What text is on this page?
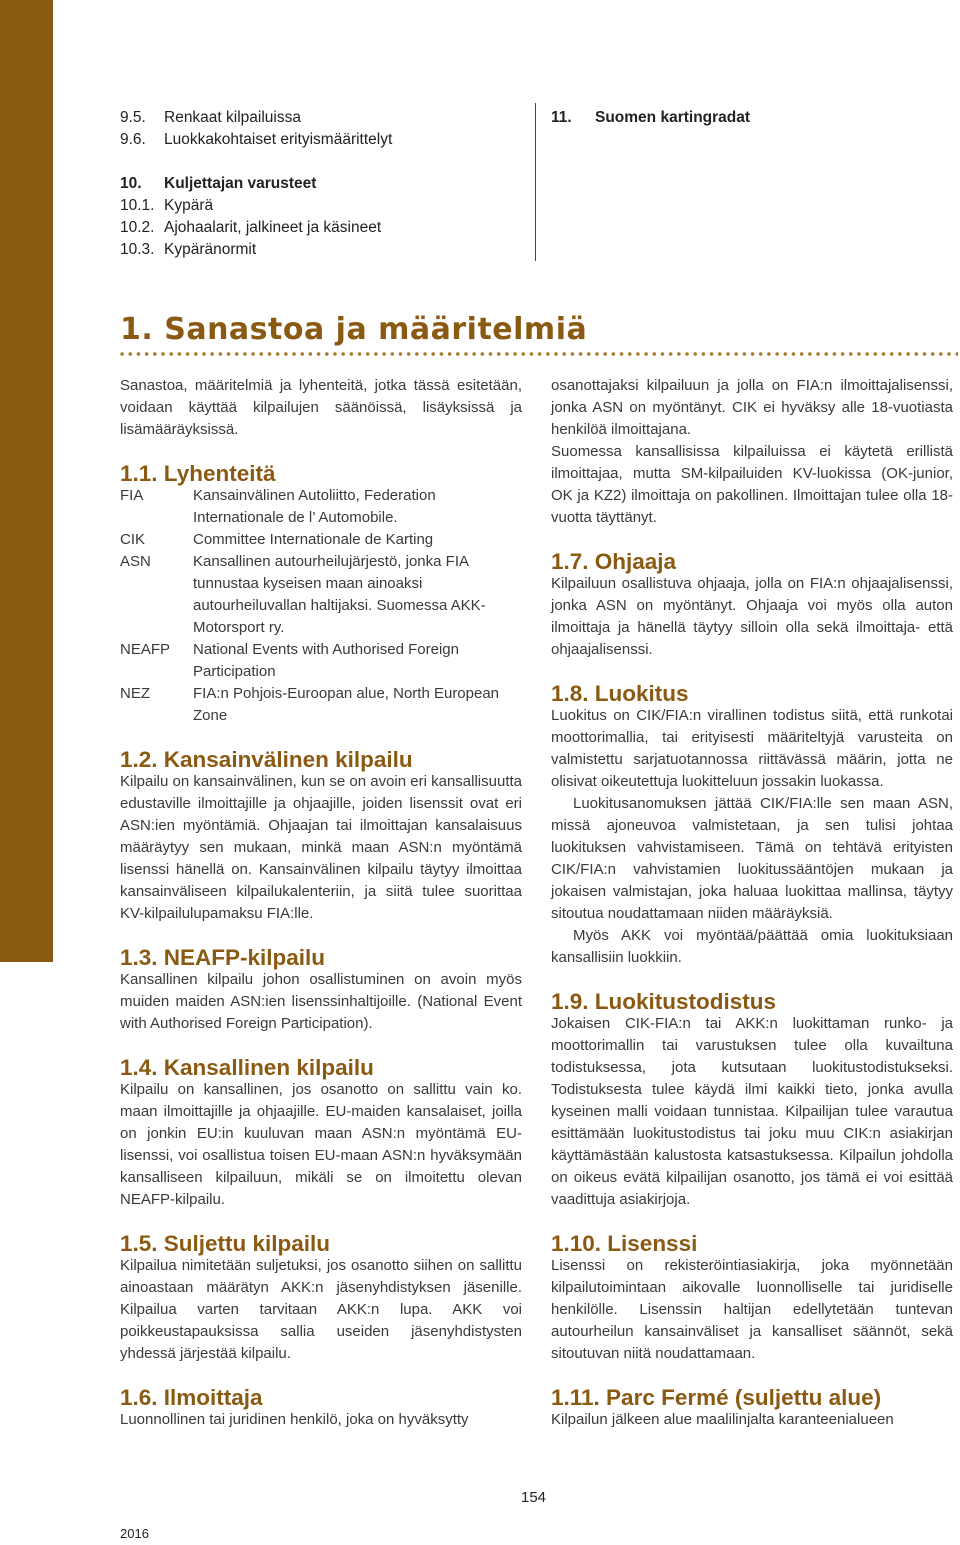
9.5. Renkaat kilpailuissa
9.6. Luokkakohtaiset erityismäärittelyt
10. Kuljettajan varusteet
10.1. Kypärä
10.2. Ajohaalarit, jalkineet ja käsineet
10.3. Kypäränormit
11. Suomen kartingradat
1. Sanastoa ja määritelmiä

Sanastoa, määritelmiä ja lyhenteitä, jotka tässä esitetään, voidaan käyttää kilpailujen säänöissä, lisäyksissä ja lisämääräyksissä.

1.1. Lyhenteitä
FIA	Kansainvälinen Autoliitto, Federation Internationale de l’ Automobile.
CIK	Committee Internationale de Karting
ASN	Kansallinen autourheilujärjestö, jonka FIA tunnustaa kyseisen maan ainoaksi autourheiluvallan haltijaksi. Suomessa AKK-Motorsport ry.
NEAFP	National Events with Authorised Foreign Participation
NEZ	FIA:n Pohjois-Euroopan alue, North European Zone
1.2. Kansainvälinen kilpailu

Kilpailu on kansainvälinen, kun se on avoin eri kansallisuutta edustaville ilmoittajille ja ohjaajille, joiden lisenssit ovat eri ASN:ien myöntämiä. Ohjaajan tai ilmoittajan kansalaisuus määräytyy sen mukaan, minkä maan ASN:n myöntämä lisenssi hänellä on. Kansainvälinen kilpailu täytyy ilmoittaa kansainväliseen kilpailukalenteriin, ja siitä tulee suorittaa KV-kilpailulupamaksu FIA:lle.

1.3. NEAFP-kilpailu

Kansallinen kilpailu johon osallistuminen on avoin myös muiden maiden ASN:ien lisenssinhaltijoille. (National Event with Authorised Foreign Participation).

1.4. Kansallinen kilpailu

Kilpailu on kansallinen, jos osanotto on sallittu vain ko. maan ilmoittajille ja ohjaajille. EU-maiden kansalaiset, joilla on jonkin EU:in kuuluvan maan ASN:n myöntämä EU-lisenssi, voi osallistua toisen EU-maan ASN:n hyväksymään kansalliseen kilpailuun, mikäli se on ilmoitettu olevan NEAFP-kilpailu.

1.5. Suljettu kilpailu

Kilpailua nimitetään suljetuksi, jos osanotto siihen on sallittu ainoastaan määrätyn AKK:n jäsenyhdistyksen jäsenille. Kilpailua varten tarvitaan AKK:n lupa. AKK voi poikkeustapauksissa sallia useiden jäsenyhdistysten yhdessä järjestää kilpailu.

1.6. Ilmoittaja

Luonnollinen tai juridinen henkilö, joka on hyväksytty

osanottajaksi kilpailuun ja jolla on FIA:n ilmoittajalisenssi, jonka ASN on myöntänyt. CIK ei hyväksy alle 18-vuotiasta henkilöä ilmoittajana.

Suomessa kansallisissa kilpailuissa ei käytetä erillistä ilmoittajaa, mutta SM-kilpailuiden KV-luokissa (OK-junior, OK ja KZ2) ilmoittaja on pakollinen. Ilmoittajan tulee olla 18-vuotta täyttänyt.

1.7. Ohjaaja

Kilpailuun osallistuva ohjaaja, jolla on FIA:n ohjaajalisenssi, jonka ASN on myöntänyt. Ohjaaja voi myös olla auton ilmoittaja ja hänellä täytyy silloin olla sekä ilmoittaja- että ohjaajalisenssi.

1.8. Luokitus

Luokitus on CIK/FIA:n virallinen todistus siitä, että runkotai moottorimallia, tai erityisesti määriteltyjä varusteita on valmistettu sarjatuotannossa riittävässä määrin, jotta ne olisivat oikeutettuja luokitteluun jossakin luokassa.

Luokitusanomuksen jättää CIK/FIA:lle sen maan ASN, missä ajoneuvoa valmistetaan, ja sen tulisi johtaa luokituksen vahvistamiseen. Tämä on tehtävä erityisten CIK/FIA:n vahvistamien luokitussääntöjen mukaan ja jokaisen valmistajan, joka haluaa luokittaa mallinsa, täytyy sitoutua noudattamaan niiden määräyksiä.

Myös AKK voi myöntää/päättää omia luokituksiaan kansallisiin luokkiin.

1.9. Luokitustodistus

Jokaisen CIK-FIA:n tai AKK:n luokittaman runko- ja moottorimallin tai varustuksen tulee olla kuvailtuna todistuksessa, jota kutsutaan luokitustodistukseksi. Todistuksesta tulee käydä ilmi kaikki tieto, jonka avulla kyseinen malli voidaan tunnistaa. Kilpailijan tulee varautua esittämään luokitustodistus tai joku muu CIK:n asiakirjan käyttämästään kalustosta katsastuksessa. Kilpailun johdolla on oikeus evätä kilpailijan osanotto, jos tämä ei voi esittää vaadittuja asiakirjoja.

1.10. Lisenssi

Lisenssi on rekisteröintiasiakirja, joka myönnetään kilpailutoimintaan aikovalle luonnolliselle tai juridiselle henkilölle. Lisenssin haltijan edellytetään tuntevan autourheilun kansainväliset ja kansalliset säännöt, sekä sitoutuvan niitä noudattamaan.

1.11. Parc Fermé (suljettu alue)

Kilpailun jälkeen alue maalilinjalta karanteenialueen

154
2016
